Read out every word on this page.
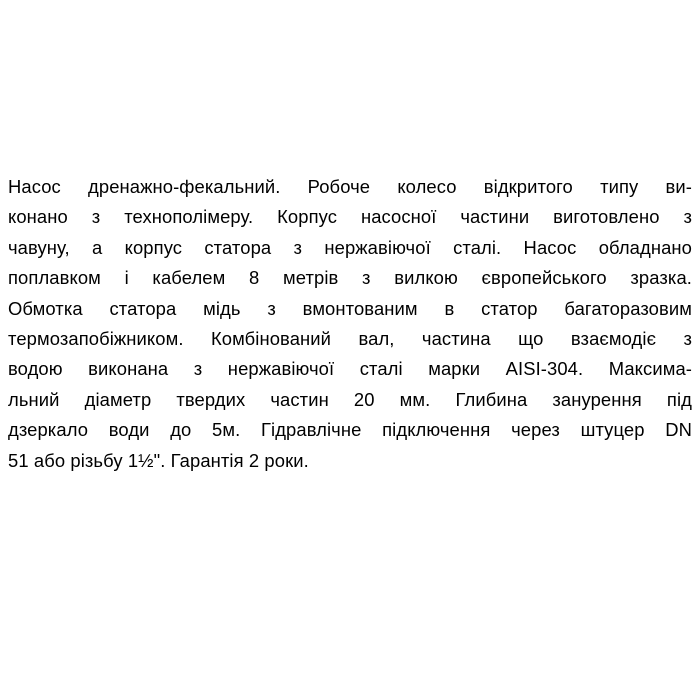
Насос дренажно-фекальний. Робоче колесо відкритого типу ви-
конано з технополімеру. Корпус насосної частини виготовлено з
чавуну, а корпус статора з нержавіючої сталі. Насос обладнано
поплавком і кабелем 8 метрів з вилкою європейського зразка.
Обмотка статора мідь з вмонтованим в статор багаторазовим
термозапобіжником. Комбінований вал, частина що взаємодіє з
водою виконана з нержавіючої сталі марки AISI-304. Максима-
льний діаметр твердих частин 20 мм. Глибина занурення під
дзеркало води до 5м. Гідравлічне підключення через штуцер DN
51 або різьбу 1½". Гарантія 2 роки.
